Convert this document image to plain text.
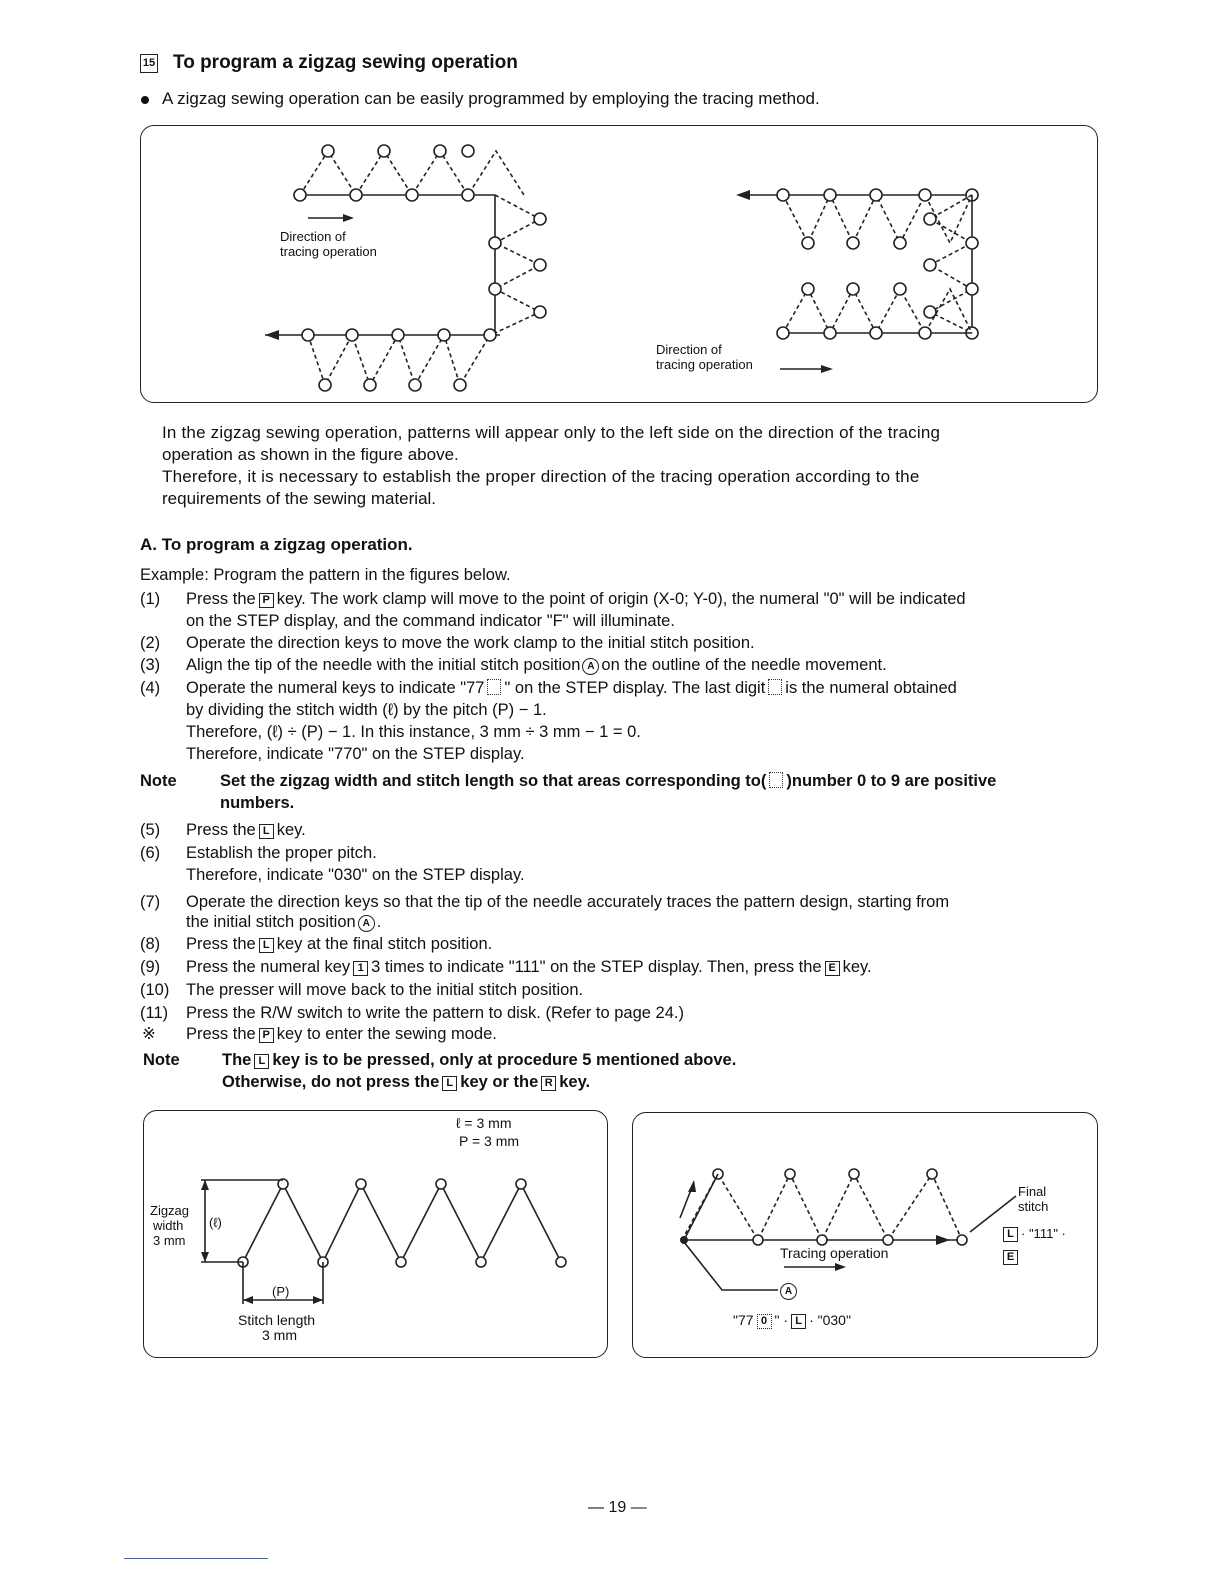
15 To program a zigzag sewing operation
A zigzag sewing operation can be easily programmed by employing the tracing method.
Direction of
tracing operation
Direction of
tracing operation
In the zigzag sewing operation, patterns will appear only to the left side on the direction of the tracing
operation as shown in the figure above.
Therefore, it is necessary to establish the proper direction of the tracing operation according to the
requirements of the sewing material.
A. To program a zigzag operation.
Example: Program the pattern in the figures below.
(1) Press the P key. The work clamp will move to the point of origin (X-0; Y-0), the numeral "0" will be indicated
on the STEP display, and the command indicator "F" will illuminate.
(2) Operate the direction keys to move the work clamp to the initial stitch position.
(3) Align the tip of the needle with the initial stitch position A on the outline of the needle movement.
(4) Operate the numeral keys to indicate "77 " on the STEP display. The last digit is the numeral obtained
by dividing the stitch width (ℓ) by the pitch (P) − 1.
Therefore, (ℓ) ÷ (P) − 1. In this instance, 3 mm ÷ 3 mm − 1 = 0.
Therefore, indicate "770" on the STEP display.
Note	Set the zigzag width and stitch length so that areas corresponding to( )number 0 to 9 are positive
numbers.
(5) Press the L key.
(6) Establish the proper pitch.
Therefore, indicate "030" on the STEP display.
(7) Operate the direction keys so that the tip of the needle accurately traces the pattern design, starting from
the initial stitch position A .
(8) Press the L key at the final stitch position.
(9) Press the numeral key 1 3 times to indicate "111" on the STEP display. Then, press the E key.
(10) The presser will move back to the initial stitch position.
(11) Press the R/W switch to write the pattern to disk. (Refer to page 24.)
※ Press the P key to enter the sewing mode.
Note	The L key is to be pressed, only at procedure 5 mentioned above.
Otherwise, do not press the L key or the R key.
ℓ = 3 mm
P = 3 mm
Zigzag
width
3 mm
(ℓ)
(P)
Stitch length
3 mm
Final
stitch
L · "111" ·
E
Tracing operation
A
"77 0 " · L · "030"
— 19 —
